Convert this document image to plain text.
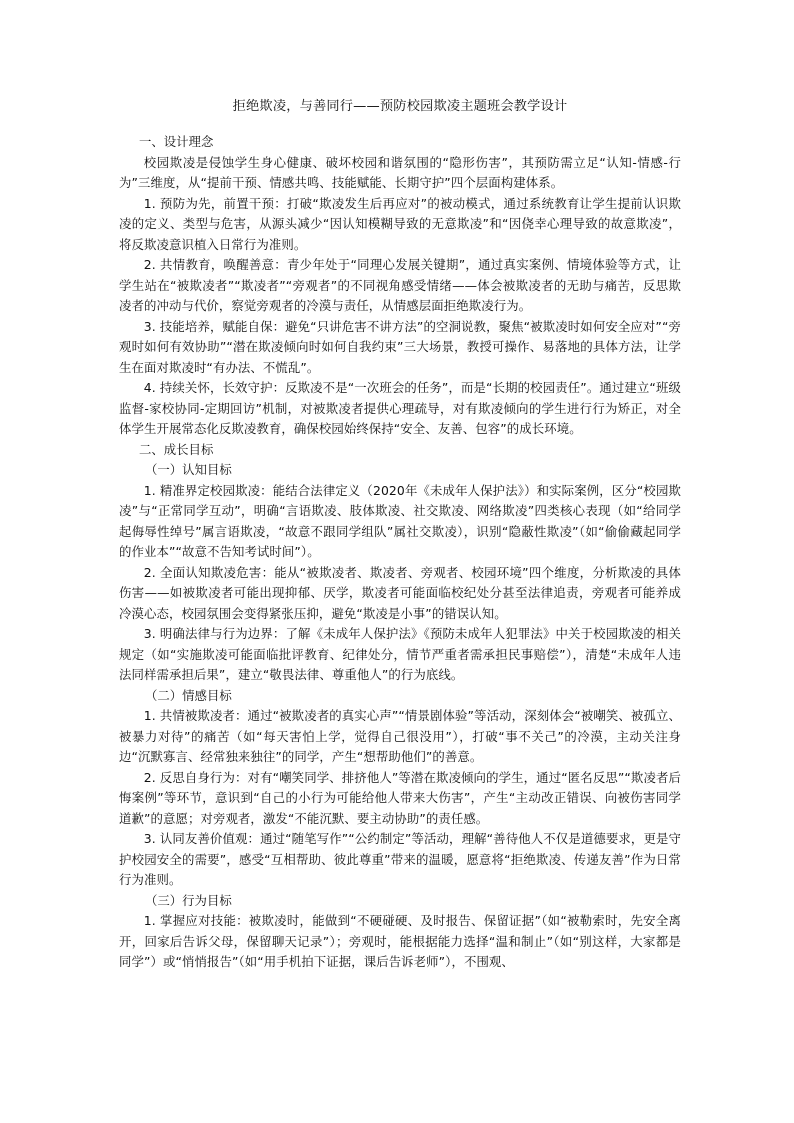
拒绝欺凌，与善同行——预防校园欺凌主题班会教学设计
一、设计理念

校园欺凌是侵蚀学生身心健康、破坏校园和谐氛围的“隐形伤害”，其预防需立足“认知-情感-行为”三维度，从“提前干预、情感共鸣、技能赋能、长期守护”四个层面构建体系。

1. 预防为先，前置干预：打破“欺凌发生后再应对”的被动模式，通过系统教育让学生提前认识欺凌的定义、类型与危害，从源头减少“因认知模糊导致的无意欺凌”和“因侥幸心理导致的故意欺凌”，将反欺凌意识植入日常行为准则。

2. 共情教育，唤醒善意：青少年处于“同理心发展关键期”，通过真实案例、情境体验等方式，让学生站在“被欺凌者”“欺凌者”“旁观者”的不同视角感受情绪——体会被欺凌者的无助与痛苦，反思欺凌者的冲动与代价，察觉旁观者的冷漠与责任，从情感层面拒绝欺凌行为。

3. 技能培养，赋能自保：避免“只讲危害不讲方法”的空洞说教，聚焦“被欺凌时如何安全应对”“旁观时如何有效协助”“潜在欺凌倾向时如何自我约束”三大场景，教授可操作、易落地的具体方法，让学生在面对欺凌时“有办法、不慌乱”。

4. 持续关怀，长效守护：反欺凌不是“一次班会的任务”，而是“长期的校园责任”。通过建立“班级监督-家校协同-定期回访”机制，对被欺凌者提供心理疏导，对有欺凌倾向的学生进行行为矫正，对全体学生开展常态化反欺凌教育，确保校园始终保持“安全、友善、包容”的成长环境。

二、成长目标
（一）认知目标

1. 精准界定校园欺凌：能结合法律定义（2020年《未成年人保护法》）和实际案例，区分“校园欺凌”与“正常同学互动”，明确“言语欺凌、肢体欺凌、社交欺凌、网络欺凌”四类核心表现（如“给同学起侮辱性绰号”属言语欺凌，“故意不跟同学组队”属社交欺凌），识别“隐蔽性欺凌”（如“偷偷藏起同学的作业本”“故意不告知考试时间”）。

2. 全面认知欺凌危害：能从“被欺凌者、欺凌者、旁观者、校园环境”四个维度，分析欺凌的具体伤害——如被欺凌者可能出现抑郁、厌学，欺凌者可能面临校纪处分甚至法律追责，旁观者可能养成冷漠心态，校园氛围会变得紧张压抑，避免“欺凌是小事”的错误认知。

3. 明确法律与行为边界：了解《未成年人保护法》《预防未成年人犯罪法》中关于校园欺凌的相关规定（如“实施欺凌可能面临批评教育、纪律处分，情节严重者需承担民事赔偿”），清楚“未成年人违法同样需承担后果”，建立“敬畏法律、尊重他人”的行为底线。

（二）情感目标

1. 共情被欺凌者：通过“被欺凌者的真实心声”“情景剧体验”等活动，深刻体会“被嘲笑、被孤立、被暴力对待”的痛苦（如“每天害怕上学，觉得自己很没用”），打破“事不关己”的冷漠，主动关注身边“沉默寡言、经常独来独往”的同学，产生“想帮助他们”的善意。

2. 反思自身行为：对有“嘲笑同学、排挤他人”等潜在欺凌倾向的学生，通过“匿名反思”“欺凌者后悔案例”等环节，意识到“自己的小行为可能给他人带来大伤害”，产生“主动改正错误、向被伤害同学道歉”的意愿；对旁观者，激发“不能沉默、要主动协助”的责任感。

3. 认同友善价值观：通过“随笔写作”“公约制定”等活动，理解“善待他人不仅是道德要求，更是守护校园安全的需要”，感受“互相帮助、彼此尊重”带来的温暖，愿意将“拒绝欺凌、传递友善”作为日常行为准则。

（三）行为目标

1. 掌握应对技能：被欺凌时，能做到“不硬碰硬、及时报告、保留证据”（如“被勒索时，先安全离开，回家后告诉父母，保留聊天记录”）；旁观时，能根据能力选择“温和制止”（如“别这样，大家都是同学”）或“悄悄报告”（如“用手机拍下证据，课后告诉老师”），不围观、
